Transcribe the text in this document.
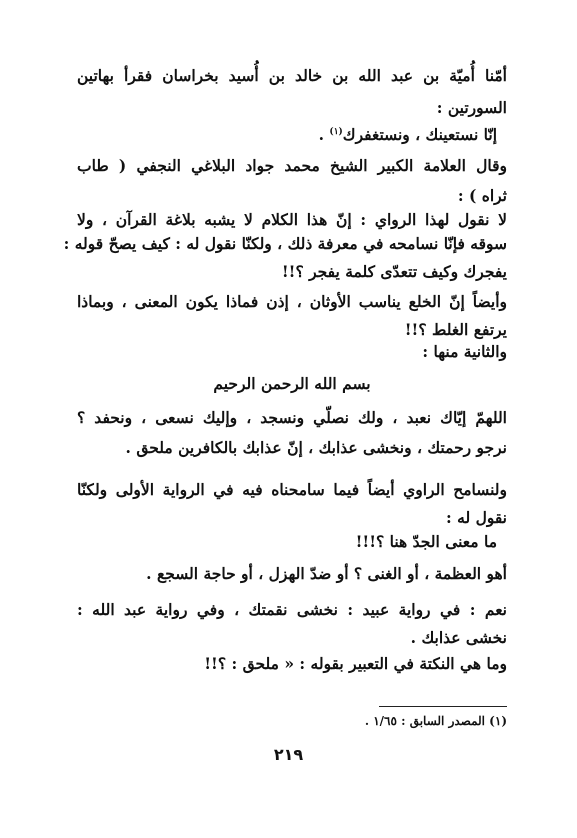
أمّنا أُميّة بن عبد الله بن خالد بن أُسيد بخراسان فقرأ بهاتين
السورتين :
إنّا نستعينك ، ونستغفرك$^{(١)}$ .
وقال العلامة الكبير الشيخ محمد جواد البلاغي النجفي ( طاب
ثراه ) :
لا نقول لهذا الرواي : إنّ هذا الكلام لا يشبه بلاغة القرآن ، ولا
سوقه فإنّا نسامحه في معرفة ذلك ، ولكنّا نقول له : كيف يصحّ قوله :
يفجرك وكيف تتعدّى كلمة يفجر ؟!!
وأيضاً إنّ الخلع يناسب الأوثان ، إذن فماذا يكون المعنى ، وبماذا
يرتفع الغلط ؟!!
والثانية منها :
بسم الله الرحمن الرحيم
اللهمّ إيّاك نعبد ، ولك نصلّي ونسجد ، وإليك نسعى ، ونحفد ؟
نرجو رحمتك ، ونخشى عذابك ، إنّ عذابك بالكافرين ملحق .
ولنسامح الراوي أيضاً فيما سامحناه فيه في الرواية الأولى ولكنّا
نقول له :
ما معنى الجدّ هنا ؟!!!
أهو العظمة ، أو الغنى ؟ أو ضدّ الهزل ، أو حاجة السجع .
نعم : في رواية عبيد : نخشى نقمتك ، وفي رواية عبد الله :
نخشى عذابك .
وما هي النكتة في التعبير بقوله : « ملحق : ؟!!
(١) المصدر السابق : ١/٦٥ .
٢١٩
